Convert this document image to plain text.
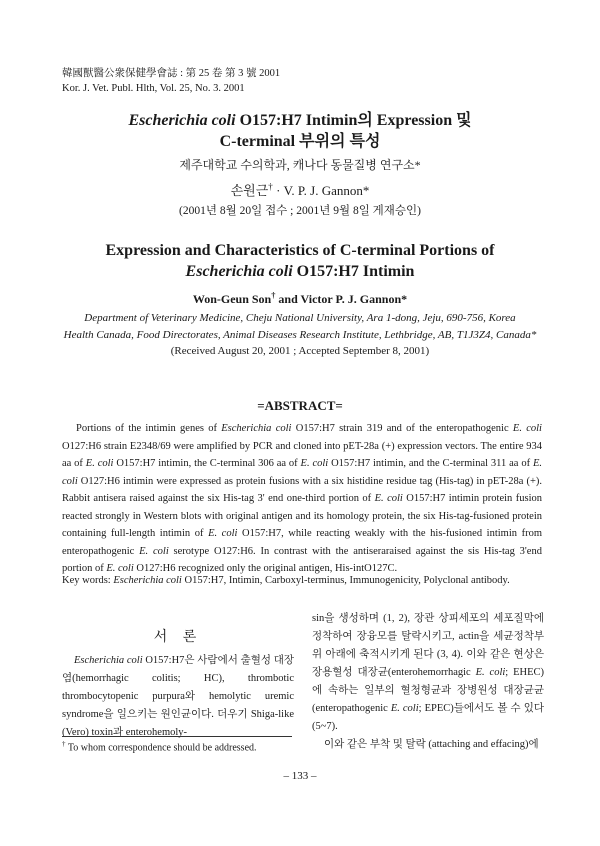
韓國獸醫公衆保健學會誌 : 第 25 卷 第 3 號 2001
Kor. J. Vet. Publ. Hlth, Vol. 25, No. 3. 2001
Escherichia coli O157:H7 Intimin의 Expression 및
C-terminal 부위의 특성
제주대학교 수의학과, 캐나다 동물질병 연구소*
손원근† · V. P. J. Gannon*
(2001년 8월 20일 접수 ; 2001년 9월 8일 게재승인)
Expression and Characteristics of C-terminal Portions of
Escherichia coli O157:H7 Intimin
Won-Geun Son† and Victor P. J. Gannon*
Department of Veterinary Medicine, Cheju National University, Ara 1-dong, Jeju, 690-756, Korea
Health Canada, Food Directorates, Animal Diseases Research Institute, Lethbridge, AB, T1J3Z4, Canada*
(Received August 20, 2001 ; Accepted September 8, 2001)
=ABSTRACT=
Portions of the intimin genes of Escherichia coli O157:H7 strain 319 and of the enteropathogenic E. coli O127:H6 strain E2348/69 were amplified by PCR and cloned into pET-28a (+) expression vectors. The entire 934 aa of E. coli O157:H7 intimin, the C-terminal 306 aa of E. coli O157:H7 intimin, and the C-terminal 311 aa of E. coli O127:H6 intimin were expressed as protein fusions with a six histidine residue tag (His-tag) in pET-28a (+). Rabbit antisera raised against the six His-tag 3' end one-third portion of E. coli O157:H7 intimin protein fusion reacted strongly in Western blots with original antigen and its homology protein, the six His-tag-fusioned protein containing full-length intimin of E. coli O157:H7, while reacting weakly with the his-fusioned intimin from enteropathogenic E. coli serotype O127:H6. In contrast with the antiseraraised against the sis His-tag 3'end portion of E. coli O127:H6 recognized only the original antigen, His-intO127C.
Key words: Escherichia coli O157:H7, Intimin, Carboxyl-terminus, Immunogenicity, Polyclonal antibody.
서 론

Escherichia coli O157:H7은 사람에서 출혈성 대장염(hemorrhagic colitis; HC), thrombotic thrombocytopenic purpura와 hemolytic uremic syndrome을 일으키는 원인균이다. 더우기 Shiga-like (Vero) toxin과 enterohemoly-

sin을 생성하며 (1, 2), 장관 상피세포의 세포질막에 정착하여 장융모를 탈락시키고, actin을 세균정착부위 아래에 축적시키게 된다 (3, 4). 이와 같은 현상은 장용혈성 대장균(enterohemorrhagic E. coli; EHEC)에 속하는 일부의 혈청형균과 장병원성 대장균균 (enteropathogenic E. coli; EPEC)들에서도 볼 수 있다 (5~7).

이와 같은 부착 및 탈락 (attaching and effacing)에

† To whom correspondence should be addressed.
– 133 –
